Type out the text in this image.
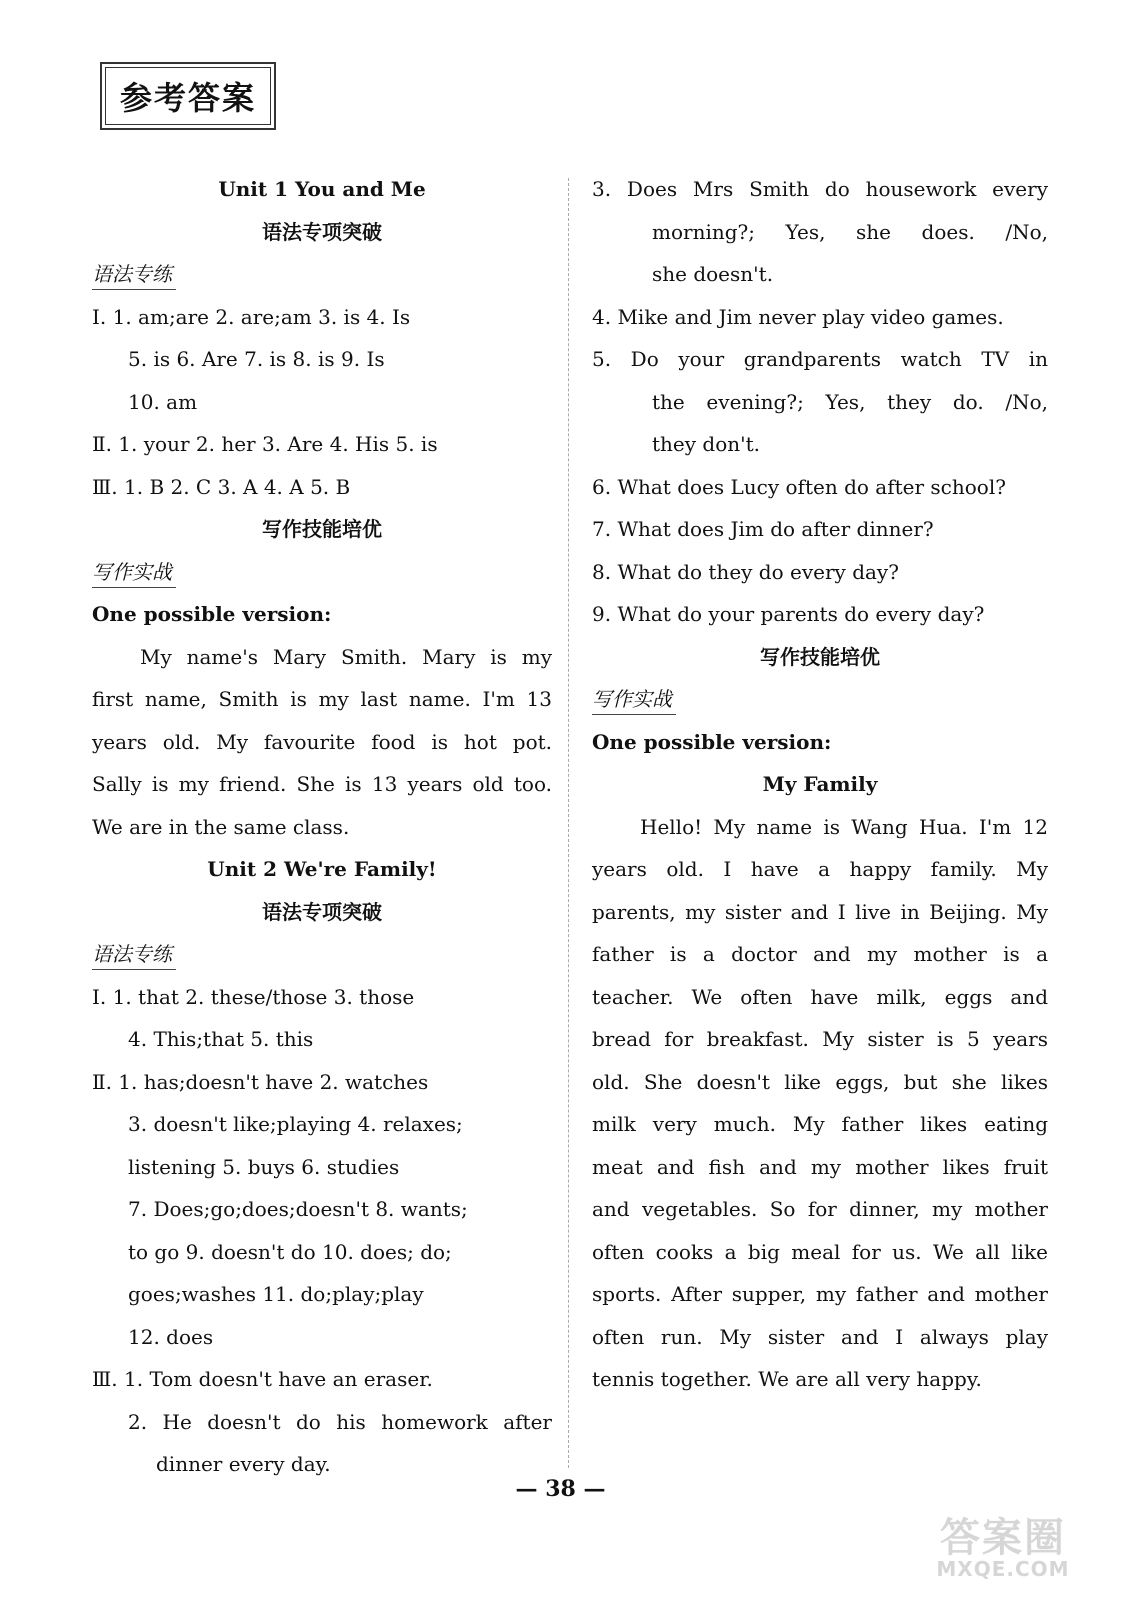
参考答案
Unit 1 You and Me
语法专项突破
语法专练
Ⅰ. 1. am;are 2. are;am 3. is 4. Is
5. is 6. Are 7. is 8. is 9. Is
10. am
Ⅱ. 1. your 2. her 3. Are 4. His 5. is
Ⅲ. 1. B 2. C 3. A 4. A 5. B
写作技能培优
写作实战
One possible version:
My name's Mary Smith. Mary is my
first name, Smith is my last name. I'm 13
years old. My favourite food is hot pot.
Sally is my friend. She is 13 years old too.
We are in the same class.
Unit 2 We're Family!
语法专项突破
语法专练
Ⅰ. 1. that 2. these/those 3. those
4. This;that 5. this
Ⅱ. 1. has;doesn't have 2. watches
3. doesn't like;playing 4. relaxes;
listening 5. buys 6. studies
7. Does;go;does;doesn't 8. wants;
to go 9. doesn't do 10. does; do;
goes;washes 11. do;play;play
12. does
Ⅲ. 1. Tom doesn't have an eraser.
2. He doesn't do his homework after
dinner every day.
3. Does Mrs Smith do housework every
morning?; Yes, she does. /No,
she doesn't.
4. Mike and Jim never play video games.
5. Do your grandparents watch TV in
the evening?; Yes, they do. /No,
they don't.
6. What does Lucy often do after school?
7. What does Jim do after dinner?
8. What do they do every day?
9. What do your parents do every day?
写作技能培优
写作实战
One possible version:
My Family
Hello! My name is Wang Hua. I'm 12
years old. I have a happy family. My
parents, my sister and I live in Beijing. My
father is a doctor and my mother is a
teacher. We often have milk, eggs and
bread for breakfast. My sister is 5 years
old. She doesn't like eggs, but she likes
milk very much. My father likes eating
meat and fish and my mother likes fruit
and vegetables. So for dinner, my mother
often cooks a big meal for us. We all like
sports. After supper, my father and mother
often run. My sister and I always play
tennis together. We are all very happy.
— 38 —
答案圈
MXQE.COM
